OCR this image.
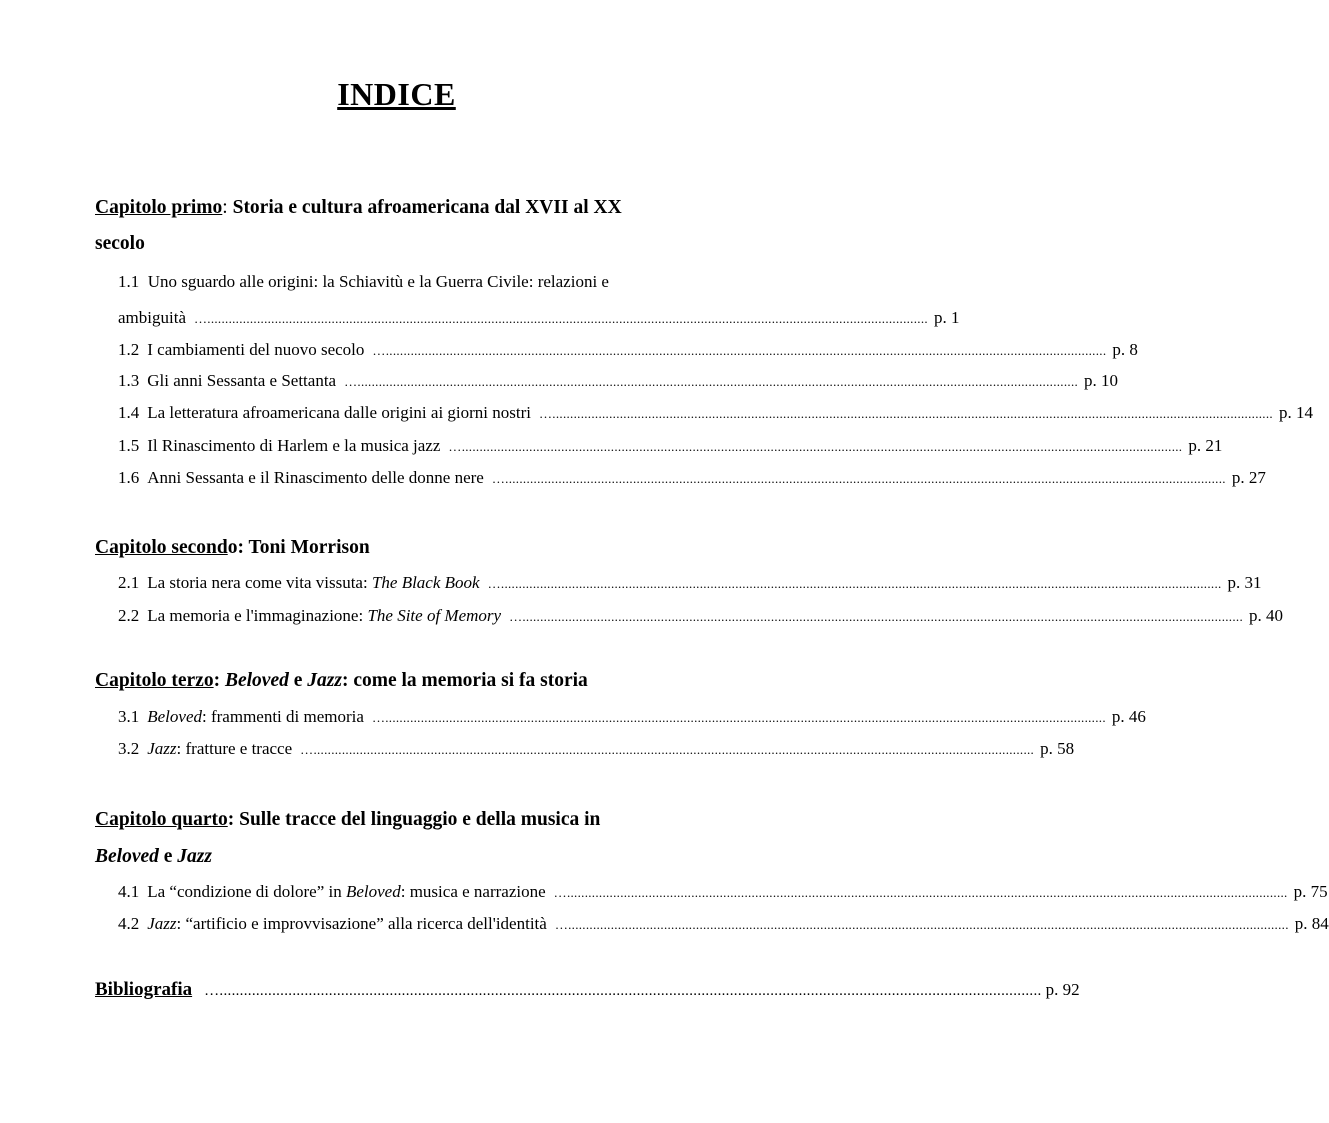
INDICE
Capitolo primo: Storia e cultura afroamericana dal XVII al XX
secolo
1.1 Uno sguardo alle origini: la Schiavitù e la Guerra Civile: relazioni e
ambiguità …........................................................................................................................................................................................................... p. 1
1.2 I cambiamenti del nuovo secolo …........................................................................................................................................................................................................... p. 8
1.3 Gli anni Sessanta e Settanta …........................................................................................................................................................................................................... p. 10
1.4 La letteratura afroamericana dalle origini ai giorni nostri …........................................................................................................................................................................................................... p. 14
1.5 Il Rinascimento di Harlem e la musica jazz …........................................................................................................................................................................................................... p. 21
1.6 Anni Sessanta e il Rinascimento delle donne nere …........................................................................................................................................................................................................... p. 27
Capitolo secondo: Toni Morrison
2.1 La storia nera come vita vissuta: The Black Book …........................................................................................................................................................................................................... p. 31
2.2 La memoria e l'immaginazione: The Site of Memory …........................................................................................................................................................................................................... p. 40
Capitolo terzo: Beloved e Jazz: come la memoria si fa storia
3.1 Beloved: frammenti di memoria …........................................................................................................................................................................................................... p. 46
3.2 Jazz: fratture e tracce …........................................................................................................................................................................................................... p. 58
Capitolo quarto: Sulle tracce del linguaggio e della musica in
Beloved e Jazz
4.1 La “condizione di dolore” in Beloved: musica e narrazione …........................................................................................................................................................................................................... p. 75
4.2 Jazz: “artificio e improvvisazione” alla ricerca dell'identità …........................................................................................................................................................................................................... p. 84
Bibliografia …........................................................................................................................................................................................................... p. 92
